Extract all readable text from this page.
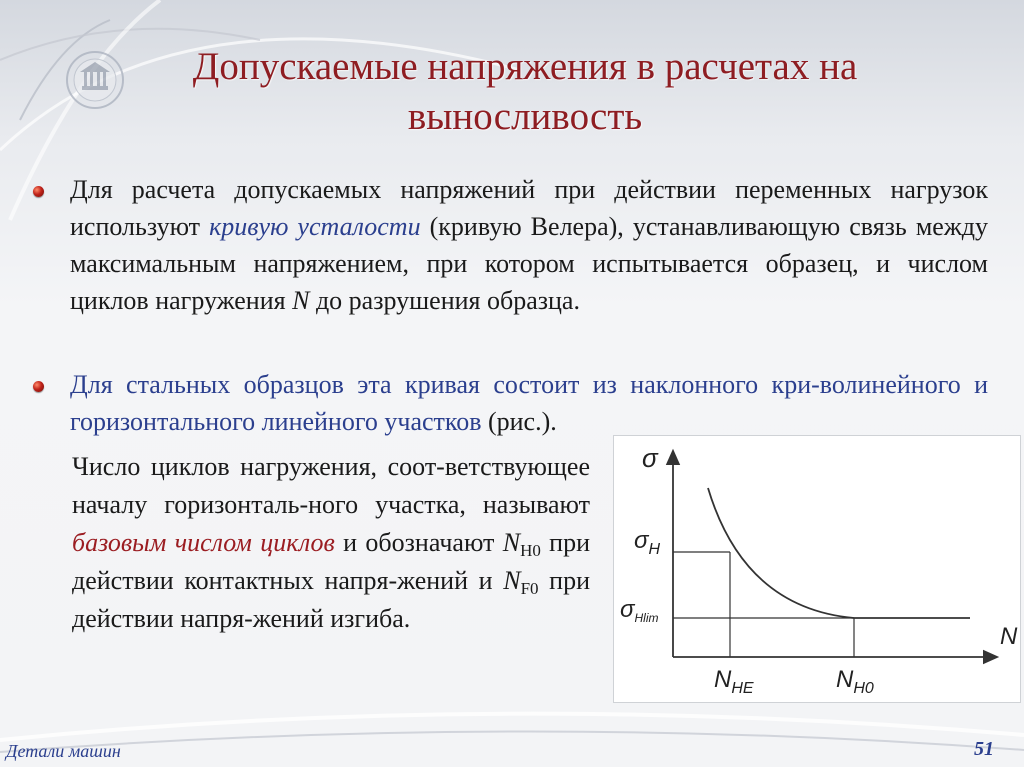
Допускаемые напряжения в расчетах на
выносливость
Для расчета допускаемых напряжений при действии переменных нагрузок используют кривую усталости (кривую Велера), устанавливающую связь между максимальным напряжением, при котором испытывается образец, и числом циклов нагружения N до разрушения образца.
Для стальных образцов эта кривая состоит из наклонного кри-волинейного и горизонтального линейного участков (рис.).
Число циклов нагружения, соот-ветствующее началу горизонталь-ного участка, называют базовым числом циклов и обозначают $N_{H0}$ при действии контактных напря-жений и $N_{F0}$ при действии напря-жений изгиба.
σ
N
$\sigma_H$
$\sigma_{Hlim}$
$N_{HE}$	$N_{H0}$
Детали машин	51
